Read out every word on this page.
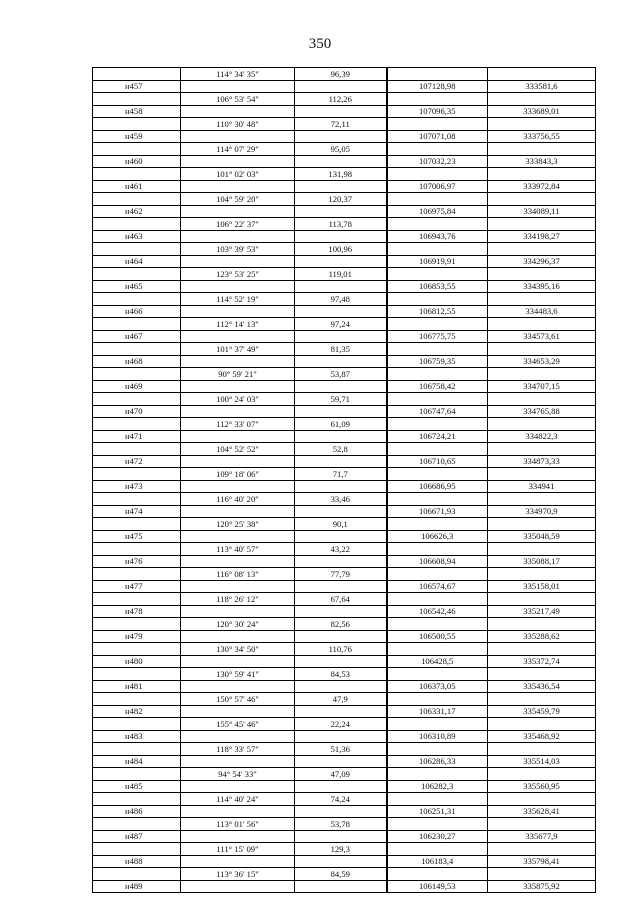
350
	114° 34' 35"	96,39		
н457			107128,98	333581,6
	106° 53' 54"	112,26		
н458			107096,35	333689,01
	110° 30' 48"	72,11		
н459			107071,08	333756,55
	114° 07' 29"	95,05		
н460			107032,23	333843,3
	101° 02' 03"	131,98		
н461			107006,97	333972,84
	104° 59' 20"	120,37		
н462			106975,84	334089,11
	106° 22' 37"	113,78		
н463			106943,76	334198,27
	103° 39' 53"	100,96		
н464			106919,91	334296,37
	123° 53' 25"	119,01		
н465			106853,55	334395,16
	114° 52' 19"	97,48		
н466			106812,55	334483,6
	112° 14' 13"	97,24		
н467			106775,75	334573,61
	101° 37' 49"	81,35		
н468			106759,35	334653,29
	90° 59' 21"	53,87		
н469			106758,42	334707,15
	100° 24' 03"	59,71		
н470			106747,64	334765,88
	112° 33' 07"	61,09		
н471			106724,21	334822,3
	104° 52' 52"	52,8		
н472			106710,65	334873,33
	109° 18' 06"	71,7		
н473			106686,95	334941
	116° 40' 20"	33,46		
н474			106671,93	334970,9
	120° 25' 38"	90,1		
н475			106626,3	335048,59
	113° 40' 57"	43,22		
н476			106608,94	335088,17
	116° 08' 13"	77,79		
н477			106574,67	335158,01
	118° 26' 12"	67,64		
н478			106542,46	335217,49
	120° 30' 24"	82,56		
н479			106500,55	335288,62
	130° 34' 50"	110,76		
н480			106428,5	335372,74
	130° 59' 41"	84,53		
н481			106373,05	335436,54
	150° 57' 46"	47,9		
н482			106331,17	335459,79
	155° 45' 46"	22,24		
н483			106310,89	335468,92
	118° 33' 57"	51,36		
н484			106286,33	335514,03
	94° 54' 33"	47,09		
н485			106282,3	335560,95
	114° 40' 24"	74,24		
н486			106251,31	335628,41
	113° 01' 56"	53,78		
н487			106230,27	335677,9
	111° 15' 09"	129,3		
н488			106183,4	335798,41
	113° 36' 15"	84,59		
н489			106149,53	335875,92
